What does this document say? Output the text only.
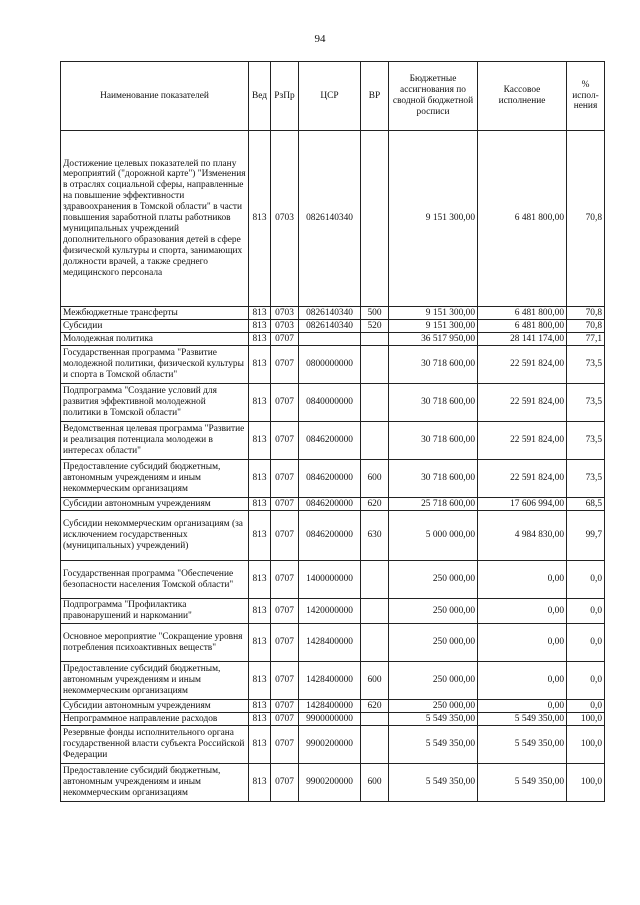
94
Наименование показателей	Вед	РзПр	ЦСР	ВР	Бюджетные ассигнования по сводной бюджетной росписи	Кассовое исполнение	% испол-нения
Достижение целевых показателей по плану мероприятий ("дорожной карте") "Изменения в отраслях социальной сферы, направленные на повышение эффективности здравоохранения в Томской области" в части повышения заработной платы работников муниципальных учреждений дополнительного образования детей в сфере физической культуры и спорта, занимающих должности врачей, а также среднего медицинского персонала	813	0703	0826140340		9 151 300,00	6 481 800,00	70,8
Межбюджетные трансферты	813	0703	0826140340	500	9 151 300,00	6 481 800,00	70,8
Субсидии	813	0703	0826140340	520	9 151 300,00	6 481 800,00	70,8
Молодежная политика	813	0707			36 517 950,00	28 141 174,00	77,1
Государственная программа "Развитие молодежной политики, физической культуры и спорта в Томской области"	813	0707	0800000000		30 718 600,00	22 591 824,00	73,5
Подпрограмма "Создание условий для развития эффективной молодежной политики в Томской области"	813	0707	0840000000		30 718 600,00	22 591 824,00	73,5
Ведомственная целевая программа "Развитие и реализация потенциала молодежи в интересах области"	813	0707	0846200000		30 718 600,00	22 591 824,00	73,5
Предоставление субсидий бюджетным, автономным учреждениям и иным некоммерческим организациям	813	0707	0846200000	600	30 718 600,00	22 591 824,00	73,5
Субсидии автономным учреждениям	813	0707	0846200000	620	25 718 600,00	17 606 994,00	68,5
Субсидии некоммерческим организациям (за исключением государственных (муниципальных) учреждений)	813	0707	0846200000	630	5 000 000,00	4 984 830,00	99,7
Государственная программа "Обеспечение безопасности населения Томской области"	813	0707	1400000000		250 000,00	0,00	0,0
Подпрограмма "Профилактика правонарушений и наркомании"	813	0707	1420000000		250 000,00	0,00	0,0
Основное мероприятие "Сокращение уровня потребления психоактивных веществ"	813	0707	1428400000		250 000,00	0,00	0,0
Предоставление субсидий бюджетным, автономным учреждениям и иным некоммерческим организациям	813	0707	1428400000	600	250 000,00	0,00	0,0
Субсидии автономным учреждениям	813	0707	1428400000	620	250 000,00	0,00	0,0
Непрограммное направление расходов	813	0707	9900000000		5 549 350,00	5 549 350,00	100,0
Резервные фонды исполнительного органа государственной власти субъекта Российской Федерации	813	0707	9900200000		5 549 350,00	5 549 350,00	100,0
Предоставление субсидий бюджетным, автономным учреждениям и иным некоммерческим организациям	813	0707	9900200000	600	5 549 350,00	5 549 350,00	100,0
